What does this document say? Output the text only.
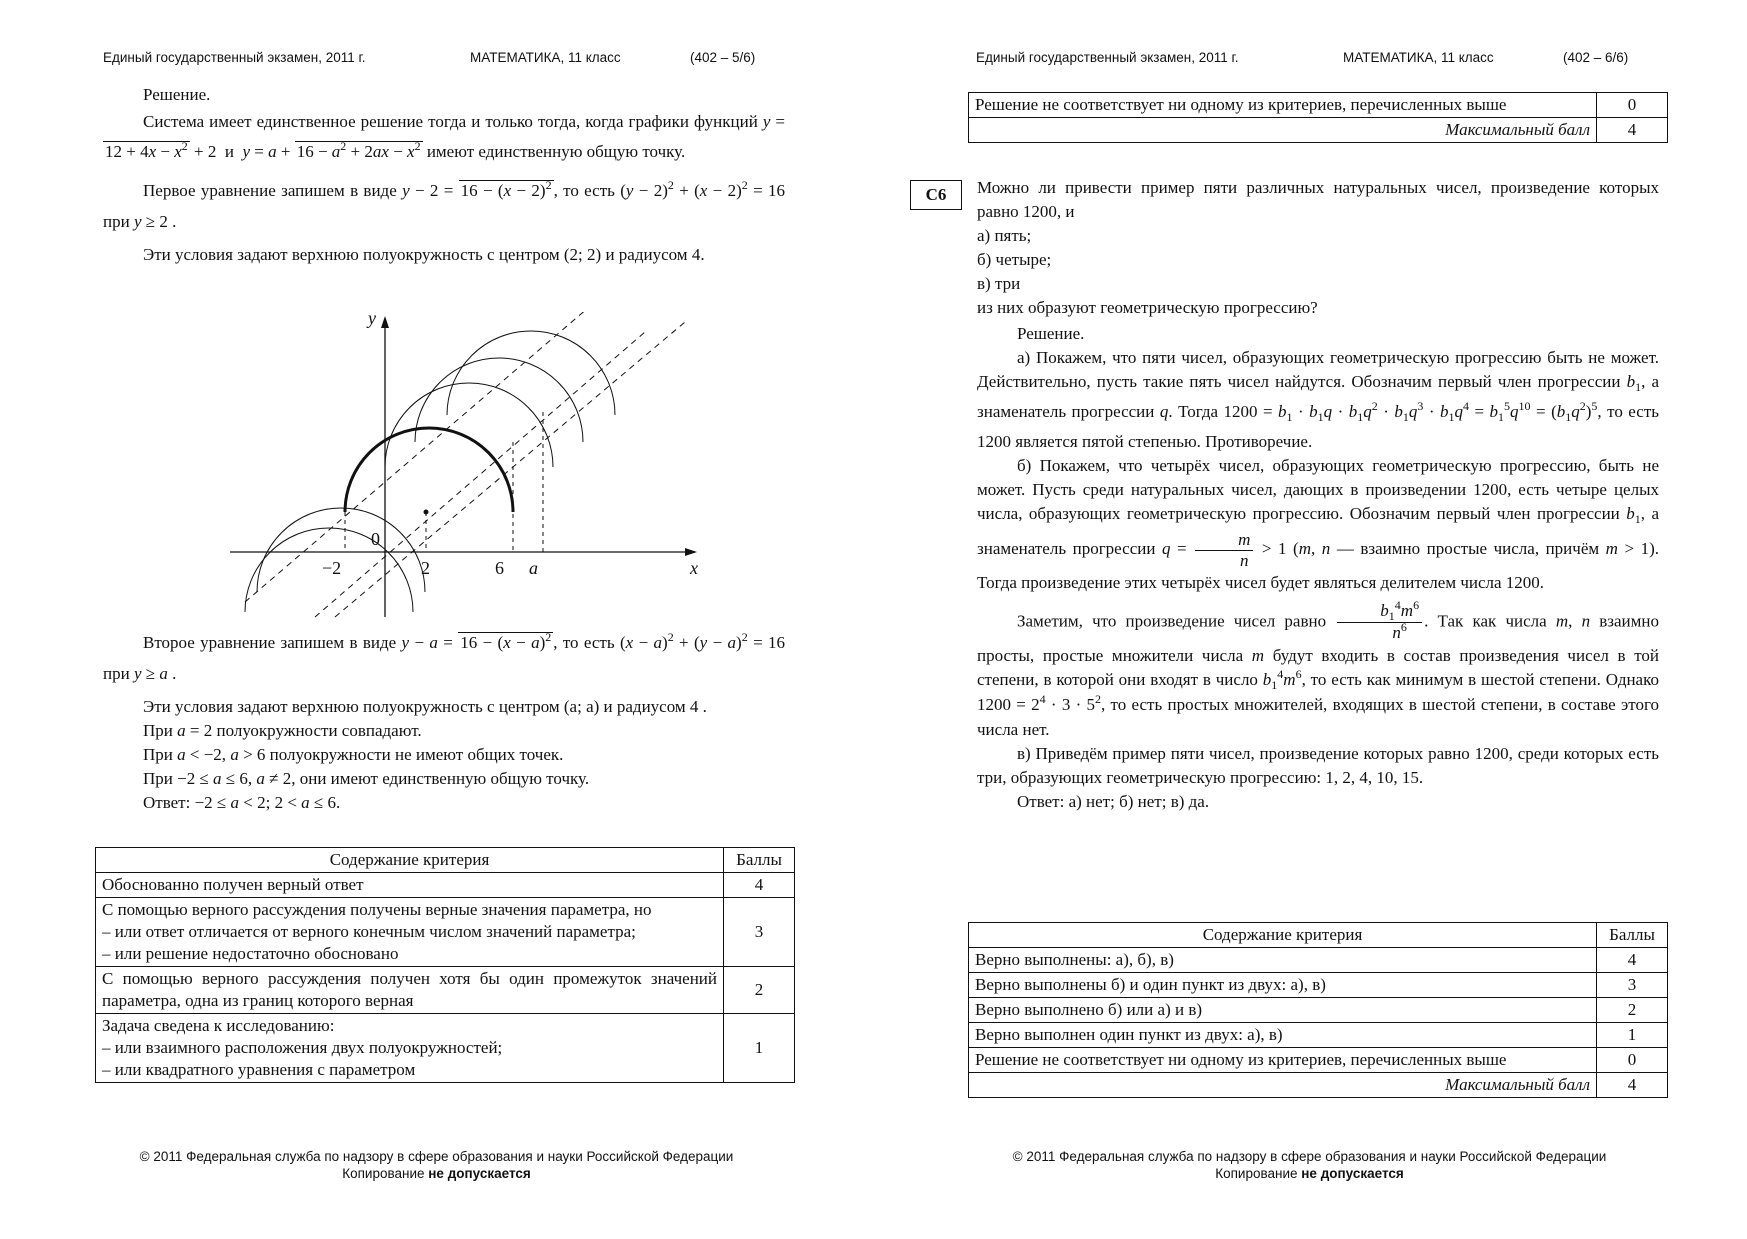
Единый государственный экзамен, 2011 г.	МАТЕМАТИКА, 11 класс	(402 – 5/6)

Решение.

Система имеет единственное решение тогда и только тогда, когда графики функций $y = 12 + 4x - x^2 + 2$  и  $y = a + 16 - a^2 + 2ax - x^2$ имеют единственную общую точку.

Первое уравнение запишем в виде $y - 2 = 16 - (x - 2)^2$ , то есть $(y - 2)^2 + (x - 2)^2 = 16$ при y ≥ 2 .

Эти условия задают верхнюю полуокружность с центром (2; 2) и радиусом 4.

y
x
0
−2	2	6 a

Второе уравнение запишем в виде $y - a = 16 - (x - a)^2$ , то есть $(x - a)^2 + (y - a)^2 = 16$ при y ≥ a .

Эти условия задают верхнюю полуокружность с центром (a; a) и радиусом 4 .

При a = 2 полуокружности совпадают.

При a < −2, a > 6 полуокружности не имеют общих точек.

При −2 ≤ a ≤ 6, a ≠ 2, они имеют единственную общую точку.

Ответ: −2 ≤ a < 2; 2 < a ≤ 6.

Содержание критерия	Баллы
Обоснованно получен верный ответ	4

С помощью верного рассуждения получены верные значения параметра, но
– или ответ отличается от верного конечным числом значений параметра;
– или решение недостаточно обосновано	3
С помощью верного рассуждения получен хотя бы один промежуток значений параметра, одна из границ которого верная	2

Задача сведена к исследованию:
– или взаимного расположения двух полуокружностей;
– или квадратного уравнения с параметром	1
© 2011 Федеральная служба по надзору в сфере образования и науки Российской Федерации
Копирование не допускается
Единый государственный экзамен, 2011 г.	МАТЕМАТИКА, 11 класс	(402 – 6/6)
Решение не соответствует ни одному из критериев, перечисленных выше	0
Максимальный балл	4
С6	Можно ли привести пример пяти различных натуральных чисел, произведение которых равно 1200, и

а) пять;

б) четыре;

в) три

из них образуют геометрическую прогрессию?

Решение.

а) Покажем, что пяти чисел, образующих геометрическую прогрессию быть не может. Действительно, пусть такие пять чисел найдутся. Обозначим первый член прогрессии $b_1$, а знаменатель прогрессии q. Тогда $1200 = b_1 \cdot b_1q \cdot b_1q^2 \cdot b_1q^3 \cdot b_1q^4 = b_1^5q^{10} = (b_1q^2)^5$, то есть 1200 является пятой степенью. Противоречие.

б) Покажем, что четырёх чисел, образующих геометрическую прогрессию, быть не может. Пусть среди натуральных чисел, дающих в произведении 1200, есть четыре целых числа, образующих геометрическую прогрессию. Обозначим первый член прогрессии $b_1$, а знаменатель прогрессии $q = \frac{m}{n} > 1$ (m, n — взаимно простые числа, причём m > 1). Тогда произведение этих четырёх чисел будет являться делителем числа 1200.

Заметим, что произведение чисел равно $\frac{b_1^4m^6}{n^6}$ . Так как числа m, n взаимно просты, простые множители числа m будут входить в состав произведения чисел в той степени, в которой они входят в число $b_1^4m^6$, то есть как минимум в шестой степени. Однако $1200 = 2^4 \cdot 3 \cdot 5^2$, то есть простых множителей, входящих в шестой степени, в составе этого числа нет.

в) Приведём пример пяти чисел, произведение которых равно 1200, среди которых есть три, образующих геометрическую прогрессию: 1, 2, 4, 10, 15.

Ответ: а) нет; б) нет; в) да.

Содержание критерия	Баллы
Верно выполнены: а), б), в)	4
Верно выполнены б) и один пункт из двух: а), в)	3
Верно выполнено б) или а) и в)	2
Верно выполнен один пункт из двух: а), в)	1
Решение не соответствует ни одному из критериев, перечисленных выше	0
Максимальный балл	4
© 2011 Федеральная служба по надзору в сфере образования и науки Российской Федерации
Копирование не допускается
